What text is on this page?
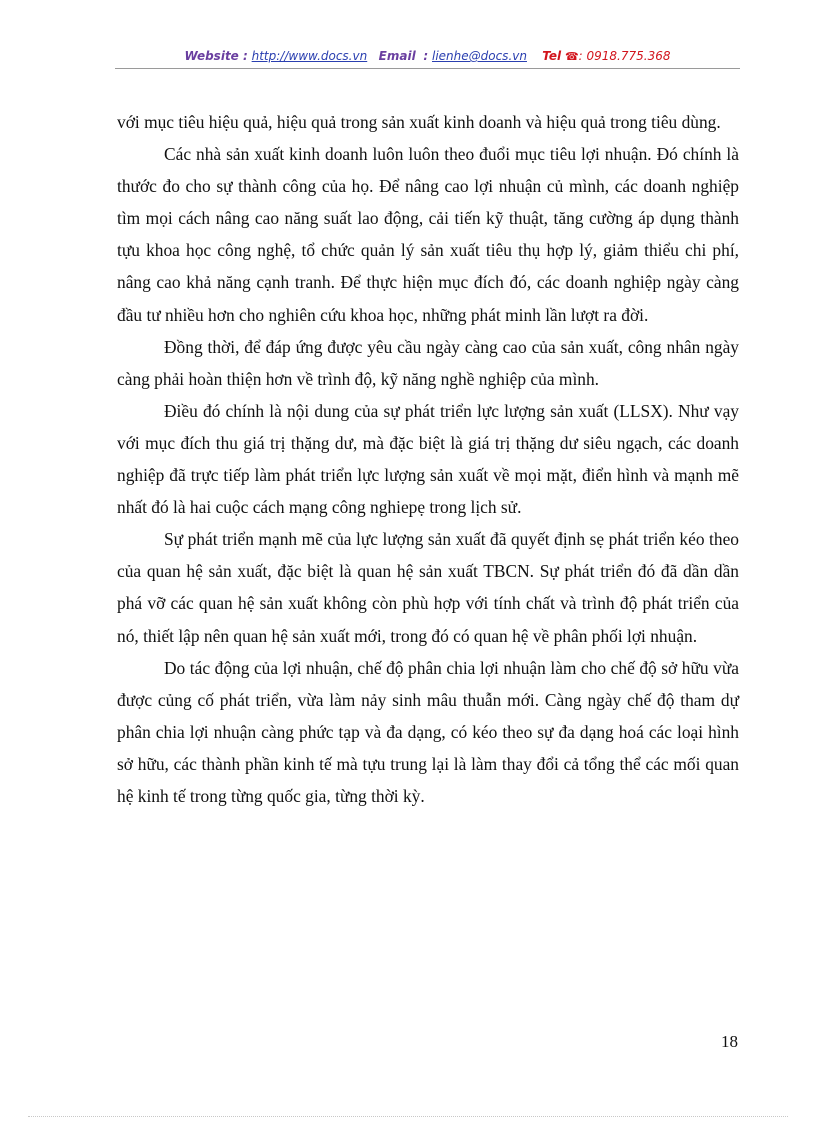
Website : http://www.docs.vn Email : lienhe@docs.vn Tel ☎: 0918.775.368

với mục tiêu hiệu quả, hiệu quả trong sản xuất kinh doanh và hiệu quả trong tiêu dùng.

Các nhà sản xuất kinh doanh luôn luôn theo đuổi mục tiêu lợi nhuận. Đó chính là thước đo cho sự thành công của họ. Để nâng cao lợi nhuận củ mình, các doanh nghiệp tìm mọi cách nâng cao năng suất lao động, cải tiến kỹ thuật, tăng cường áp dụng thành tựu khoa học công nghệ, tổ chức quản lý sản xuất tiêu thụ hợp lý, giảm thiểu chi phí, nâng cao khả năng cạnh tranh. Để thực hiện mục đích đó, các doanh nghiệp ngày càng đầu tư nhiều hơn cho nghiên cứu khoa học, những phát minh lần lượt ra đời.

Đồng thời, để đáp ứng được yêu cầu ngày càng cao của sản xuất, công nhân ngày càng phải hoàn thiện hơn về trình độ, kỹ năng nghề nghiệp của mình.

Điều đó chính là nội dung của sự phát triển lực lượng sản xuất (LLSX). Như vạy với mục đích thu giá trị thặng dư, mà đặc biệt là giá trị thặng dư siêu ngạch, các doanh nghiệp đã trực tiếp làm phát triển lực lượng sản xuất về mọi mặt, điển hình và mạnh mẽ nhất đó là hai cuộc cách mạng công nghiepẹ trong lịch sử.

Sự phát triển mạnh mẽ của lực lượng sản xuất đã quyết định sẹ phát triển kéo theo của quan hệ sản xuất, đặc biệt là quan hệ sản xuất TBCN. Sự phát triển đó đã dần dần phá vỡ các quan hệ sản xuất không còn phù hợp với tính chất và trình độ phát triển của nó, thiết lập nên quan hệ sản xuất mới, trong đó có quan hệ về phân phối lợi nhuận.

Do tác động của lợi nhuận, chế độ phân chia lợi nhuận làm cho chế độ sở hữu vừa được củng cố phát triển, vừa làm nảy sinh mâu thuẫn mới. Càng ngày chế độ tham dự phân chia lợi nhuận càng phức tạp và đa dạng, có kéo theo sự đa dạng hoá các loại hình sở hữu, các thành phần kinh tế mà tựu trung lại là làm thay đổi cả tổng thể các mối quan hệ kinh tế trong từng quốc gia, từng thời kỳ.

18
